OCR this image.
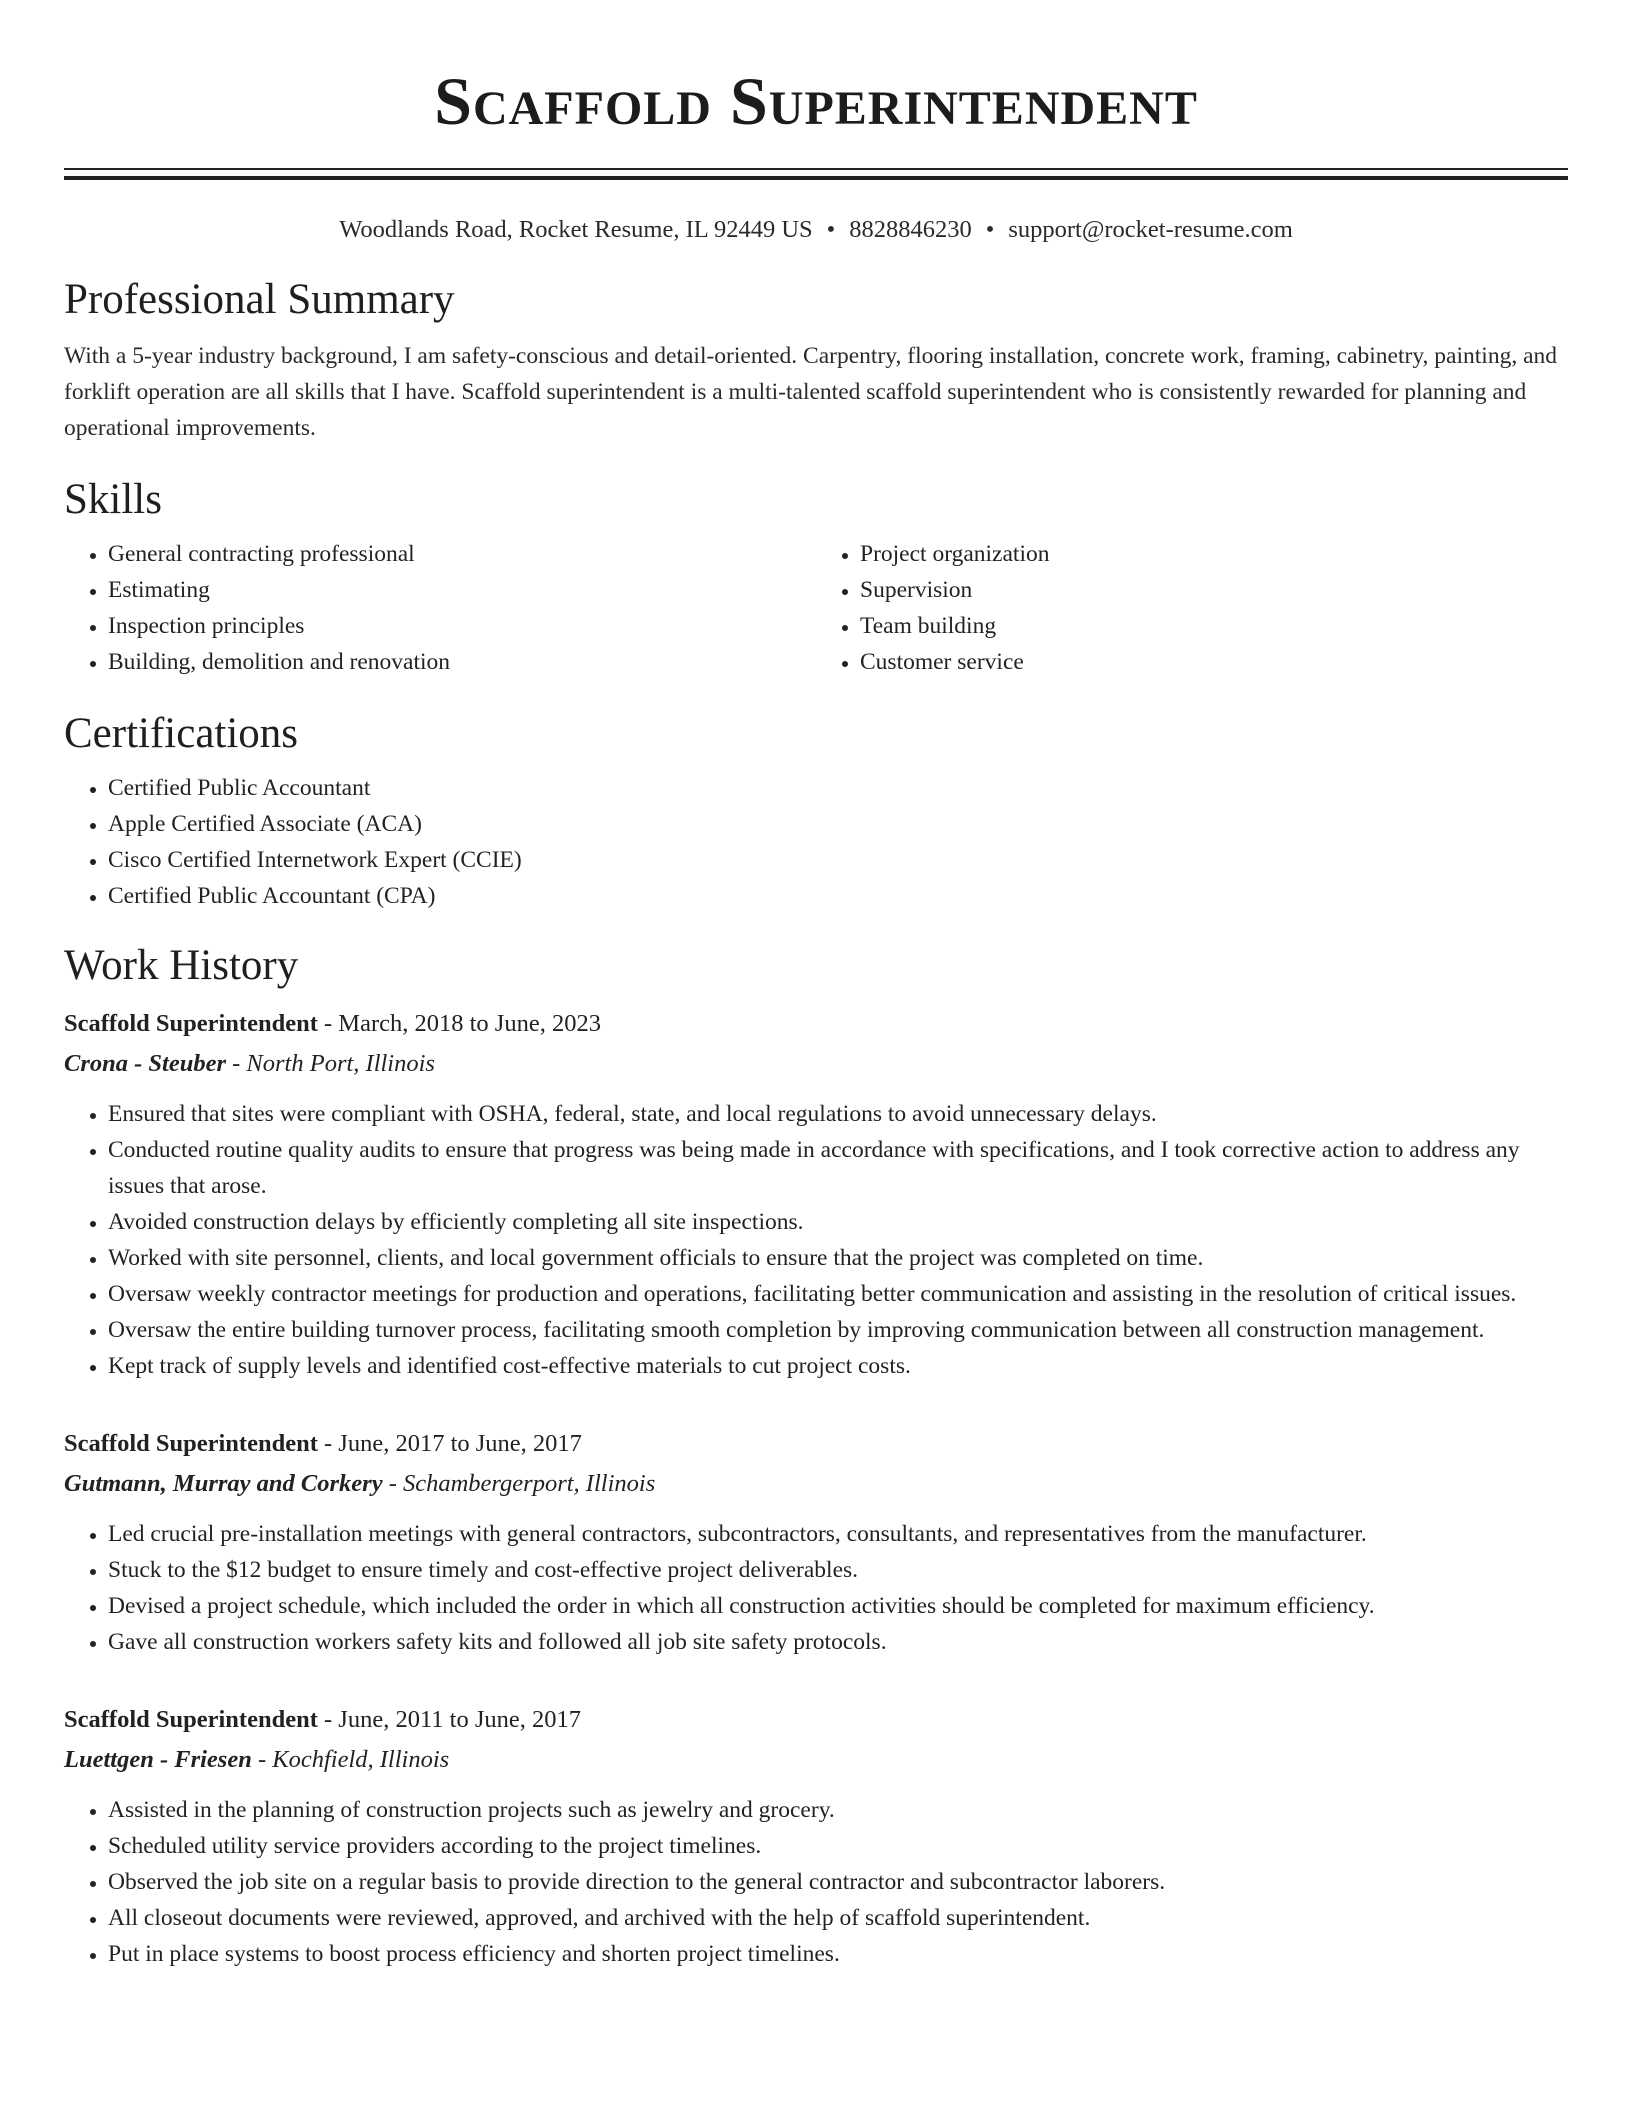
Scaffold Superintendent
Woodlands Road, Rocket Resume, IL 92449 US • 8828846230 • support@rocket-resume.com
Professional Summary
With a 5-year industry background, I am safety-conscious and detail-oriented. Carpentry, flooring installation, concrete work, framing, cabinetry, painting, and forklift operation are all skills that I have. Scaffold superintendent is a multi-talented scaffold superintendent who is consistently rewarded for planning and operational improvements.
Skills
• General contracting professional
• Estimating
• Inspection principles
• Building, demolition and renovation
• Project organization
• Supervision
• Team building
• Customer service
Certifications
• Certified Public Accountant
• Apple Certified Associate (ACA)
• Cisco Certified Internetwork Expert (CCIE)
• Certified Public Accountant (CPA)
Work History
Scaffold Superintendent - March, 2018 to June, 2023
Crona - Steuber - North Port, Illinois
• Ensured that sites were compliant with OSHA, federal, state, and local regulations to avoid unnecessary delays.
• Conducted routine quality audits to ensure that progress was being made in accordance with specifications, and I took corrective action to address any issues that arose.
• Avoided construction delays by efficiently completing all site inspections.
• Worked with site personnel, clients, and local government officials to ensure that the project was completed on time.
• Oversaw weekly contractor meetings for production and operations, facilitating better communication and assisting in the resolution of critical issues.
• Oversaw the entire building turnover process, facilitating smooth completion by improving communication between all construction management.
• Kept track of supply levels and identified cost-effective materials to cut project costs.
Scaffold Superintendent - June, 2017 to June, 2017
Gutmann, Murray and Corkery - Schambergerport, Illinois
• Led crucial pre-installation meetings with general contractors, subcontractors, consultants, and representatives from the manufacturer.
• Stuck to the $12 budget to ensure timely and cost-effective project deliverables.
• Devised a project schedule, which included the order in which all construction activities should be completed for maximum efficiency.
• Gave all construction workers safety kits and followed all job site safety protocols.
Scaffold Superintendent - June, 2011 to June, 2017
Luettgen - Friesen - Kochfield, Illinois
• Assisted in the planning of construction projects such as jewelry and grocery.
• Scheduled utility service providers according to the project timelines.
• Observed the job site on a regular basis to provide direction to the general contractor and subcontractor laborers.
• All closeout documents were reviewed, approved, and archived with the help of scaffold superintendent.
• Put in place systems to boost process efficiency and shorten project timelines.
